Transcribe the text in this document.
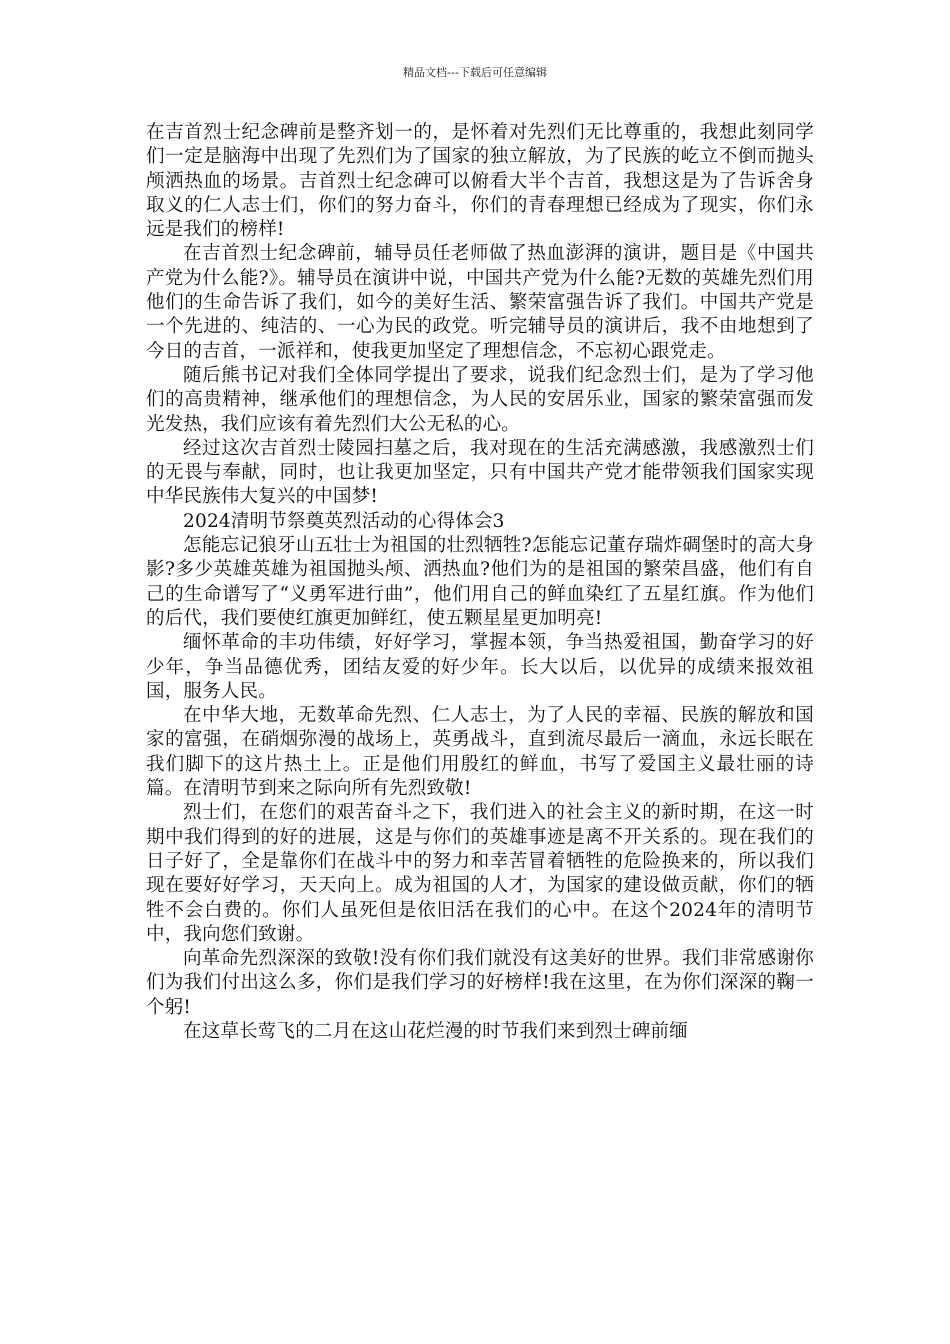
精品文档---下载后可任意编辑

在吉首烈士纪念碑前是整齐划一的，是怀着对先烈们无比尊重的，我想此刻同学们一定是脑海中出现了先烈们为了国家的独立解放，为了民族的屹立不倒而抛头颅洒热血的场景。吉首烈士纪念碑可以俯看大半个吉首，我想这是为了告诉舍身取义的仁人志士们，你们的努力奋斗，你们的青春理想已经成为了现实，你们永远是我们的榜样!

在吉首烈士纪念碑前，辅导员任老师做了热血澎湃的演讲，题目是《中国共产党为什么能?》。辅导员在演讲中说，中国共产党为什么能?无数的英雄先烈们用他们的生命告诉了我们，如今的美好生活、繁荣富强告诉了我们。中国共产党是一个先进的、纯洁的、一心为民的政党。听完辅导员的演讲后，我不由地想到了今日的吉首，一派祥和，使我更加坚定了理想信念，不忘初心跟党走。

随后熊书记对我们全体同学提出了要求，说我们纪念烈士们，是为了学习他们的高贵精神，继承他们的理想信念，为人民的安居乐业，国家的繁荣富强而发光发热，我们应该有着先烈们大公无私的心。

经过这次吉首烈士陵园扫墓之后，我对现在的生活充满感激，我感激烈士们的无畏与奉献，同时，也让我更加坚定，只有中国共产党才能带领我们国家实现中华民族伟大复兴的中国梦!

2024清明节祭奠英烈活动的心得体会3

怎能忘记狼牙山五壮士为祖国的壮烈牺牲?怎能忘记董存瑞炸碉堡时的高大身影?多少英雄英雄为祖国抛头颅、洒热血?他们为的是祖国的繁荣昌盛，他们有自己的生命谱写了“义勇军进行曲”，他们用自己的鲜血染红了五星红旗。作为他们的后代，我们要使红旗更加鲜红，使五颗星星更加明亮!

缅怀革命的丰功伟绩，好好学习，掌握本领，争当热爱祖国，勤奋学习的好少年，争当品德优秀，团结友爱的好少年。长大以后，以优异的成绩来报效祖国，服务人民。

在中华大地，无数革命先烈、仁人志士，为了人民的幸福、民族的解放和国家的富强，在硝烟弥漫的战场上，英勇战斗，直到流尽最后一滴血，永远长眠在我们脚下的这片热土上。正是他们用殷红的鲜血，书写了爱国主义最壮丽的诗篇。在清明节到来之际向所有先烈致敬!

烈士们，在您们的艰苦奋斗之下，我们进入的社会主义的新时期，在这一时期中我们得到的好的进展，这是与你们的英雄事迹是离不开关系的。现在我们的日子好了，全是靠你们在战斗中的努力和幸苦冒着牺牲的危险换来的，所以我们现在要好好学习，天天向上。成为祖国的人才，为国家的建设做贡献，你们的牺牲不会白费的。你们人虽死但是依旧活在我们的心中。在这个2024年的清明节中，我向您们致谢。

向革命先烈深深的致敬!没有你们我们就没有这美好的世界。我们非常感谢你们为我们付出这么多，你们是我们学习的好榜样!我在这里，在为你们深深的鞠一个躬!

在这草长莺飞的二月在这山花烂漫的时节我们来到烈士碑前缅
